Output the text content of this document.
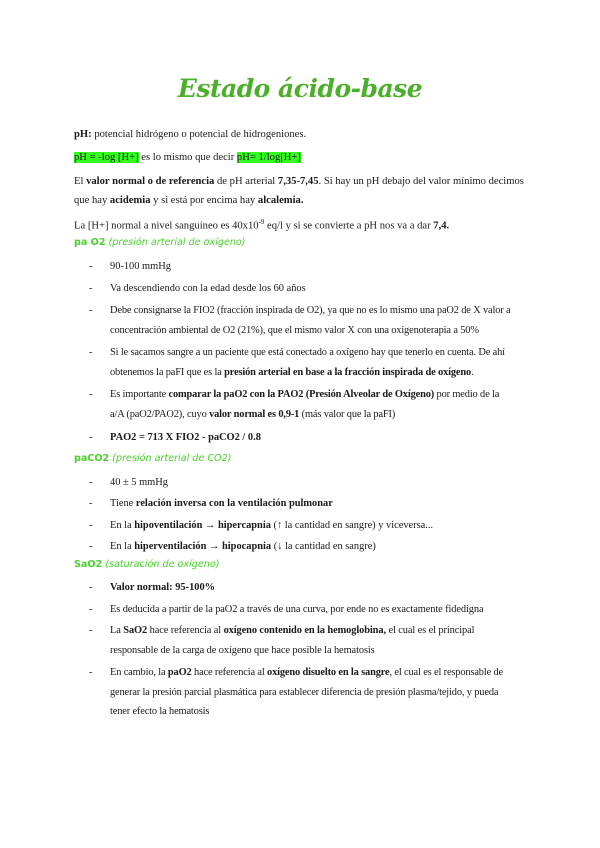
Estado ácido-base
pH: potencial hidrógeno o potencial de hidrogeniones.
pH = -log [H+] es lo mismo que decir pH= 1/log[H+]
El valor normal o de referencia de pH arterial 7,35-7,45. Si hay un pH debajo del valor mínimo decimos
que hay acidemia y si está por encima hay alcalemia.
La [H+] normal a nivel sanguíneo es $40x10^{-9}$ eq/l y si se convierte a pH nos va a dar 7,4.
pa O2 (presión arterial de oxígeno)
- 90-100 mmHg
- Va descendiendo con la edad desde los 60 años
- Debe consignarse la FIO2 (fracción inspirada de O2), ya que no es lo mismo una paO2 de X valor a
concentración ambiental de O2 (21%), que el mismo valor X con una oxigenoterapia a 50%
- Si le sacamos sangre a un paciente que está conectado a oxígeno hay que tenerlo en cuenta. De ahí
obtenemos la paFI que es la presión arterial en base a la fracción inspirada de oxígeno.
- Es importante comparar la paO2 con la PAO2 (Presión Alveolar de Oxígeno) por medio de la
a/A (paO2/PAO2), cuyo valor normal es 0,9-1 (más valor que la paFI)
- PAO2 = 713 X FIO2 - paCO2 / 0.8
paCO2 (presión arterial de CO2)
- 40 ± 5 mmHg
- Tiene relación inversa con la ventilación pulmonar
- En la hipoventilación → hipercapnia (↑ la cantidad en sangre) y viceversa...
- En la hiperventilación → hipocapnia (↓ la cantidad en sangre)
SaO2 (saturación de oxígeno)
- Valor normal: 95-100%
- Es deducida a partir de la paO2 a través de una curva, por ende no es exactamente fidedigna
- La SaO2 hace referencia al oxígeno contenido en la hemoglobina, el cual es el principal
responsable de la carga de oxígeno que hace posible la hematosis
- En cambio, la paO2 hace referencia al oxígeno disuelto en la sangre, el cual es el responsable de
generar la presión parcial plasmática para establecer diferencia de presión plasma/tejido, y pueda
tener efecto la hematosis
